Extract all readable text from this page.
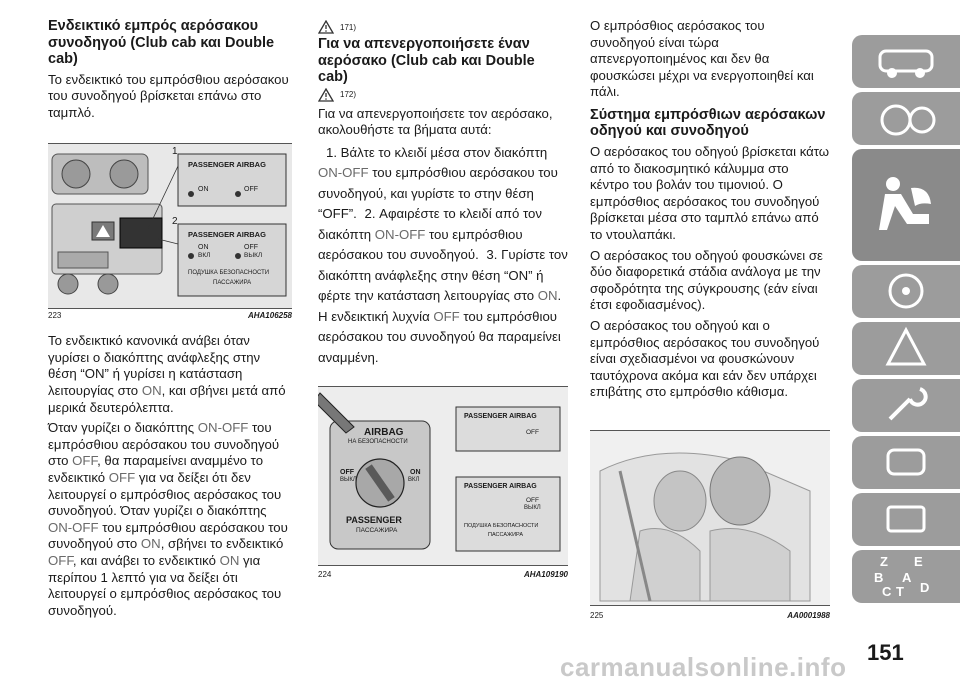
Ενδεικτικό εμπρός αερόσακου συνοδηγού (Club cab και Double cab)

Το ενδεικτικό του εμπρόσθιου αερόσακου του συνοδηγού βρίσκεται επάνω στο ταμπλό.

1
2
PASSENGER AIRBAG
ON	OFF
PASSENGER AIRBAG
ON
ВКЛ
OFF
ВЫКЛ
ПОДУШКА БЕЗОПАСНОСТИ
ПАССАЖИРА
223	AHA106258

Το ενδεικτικό κανονικά ανάβει όταν γυρίσει ο διακόπτης ανάφλεξης στην θέση “ON” ή γυρίσει η κατάσταση λειτουργίας στο ON, και σβήνει μετά από μερικά δευτερόλεπτα.

Όταν γυρίζει ο διακόπτης ON-OFF του εμπρόσθιου αερόσακου του συνοδηγού στο OFF, θα παραμείνει αναμμένο το ενδεικτικό OFF για να δείξει ότι δεν λειτουργεί ο εμπρόσθιος αερόσακος του συνοδηγού. Όταν γυρίζει ο διακόπτης ON-OFF του εμπρόσθιου αερόσακου του συνοδηγού στο ON, σβήνει το ενδεικτικό OFF, και ανάβει το ενδεικτικό ON για περίπου 1 λεπτό για να δείξει ότι λειτουργεί ο εμπρόσθιος αερόσακος του συνοδηγού.

171)
Για να απενεργοποιήσετε έναν αερόσακο (Club cab και Double cab)
172)

Για να απενεργοποιήσετε τον αερόσακο, ακολουθήστε τα βήματα αυτά:

1. Βάλτε το κλειδί μέσα στον διακόπτη ON-OFF του εμπρόσθιου αερόσακου του συνοδηγού, και γυρίστε το στην θέση “OFF”. 2. Αφαιρέστε το κλειδί από τον διακόπτη ON-OFF του εμπρόσθιου αερόσακου του συνοδηγού. 3. Γυρίστε τον διακόπτη ανάφλεξης στην θέση “ON” ή φέρτε την κατάσταση λειτουργίας στο ON. Η ενδεικτική λυχνία OFF του εμπρόσθιου αερόσακου του συνοδηγού θα παραμείνει αναμμένη.

AIRBAG
НА БЕЗОПАСНОСТИ
OFF
ВЫКЛ
ON
ВКЛ
PASSENGER
ПАССАЖИРА
PASSENGER AIRBAG
OFF
PASSENGER AIRBAG
OFF
ВЫКЛ
ПОДУШКА БЕЗОПАСНОСТИ
ПАССАЖИРА
224	AHA109190

Ο εμπρόσθιος αερόσακος του συνοδηγού είναι τώρα απενεργοποιημένος και δεν θα φουσκώσει μέχρι να ενεργοποιηθεί και πάλι.

Σύστημα εμπρόσθιων αερόσακων οδηγού και συνοδηγού

Ο αερόσακος του οδηγού βρίσκεται κάτω από το διακοσμητικό κάλυμμα στο κέντρο του βολάν του τιμονιού. Ο εμπρόσθιος αερόσακος του συνοδηγού βρίσκεται μέσα στο ταμπλό επάνω από το ντουλαπάκι.

Ο αερόσακος του οδηγού φουσκώνει σε δύο διαφορετικά στάδια ανάλογα με την σφοδρότητα της σύγκρουσης (εάν είναι έτσι εφοδιασμένος).

Ο αερόσακος του οδηγού και ο εμπρόσθιος αερόσακος του συνοδηγού είναι σχεδιασμένοι να φουσκώνουν ταυτόχρονα ακόμα και εάν δεν υπάρχει επιβάτης στο εμπρόσθιο κάθισμα.

225	AA0001988
Z E
B A
C T D
151
carmanualsonline.info
